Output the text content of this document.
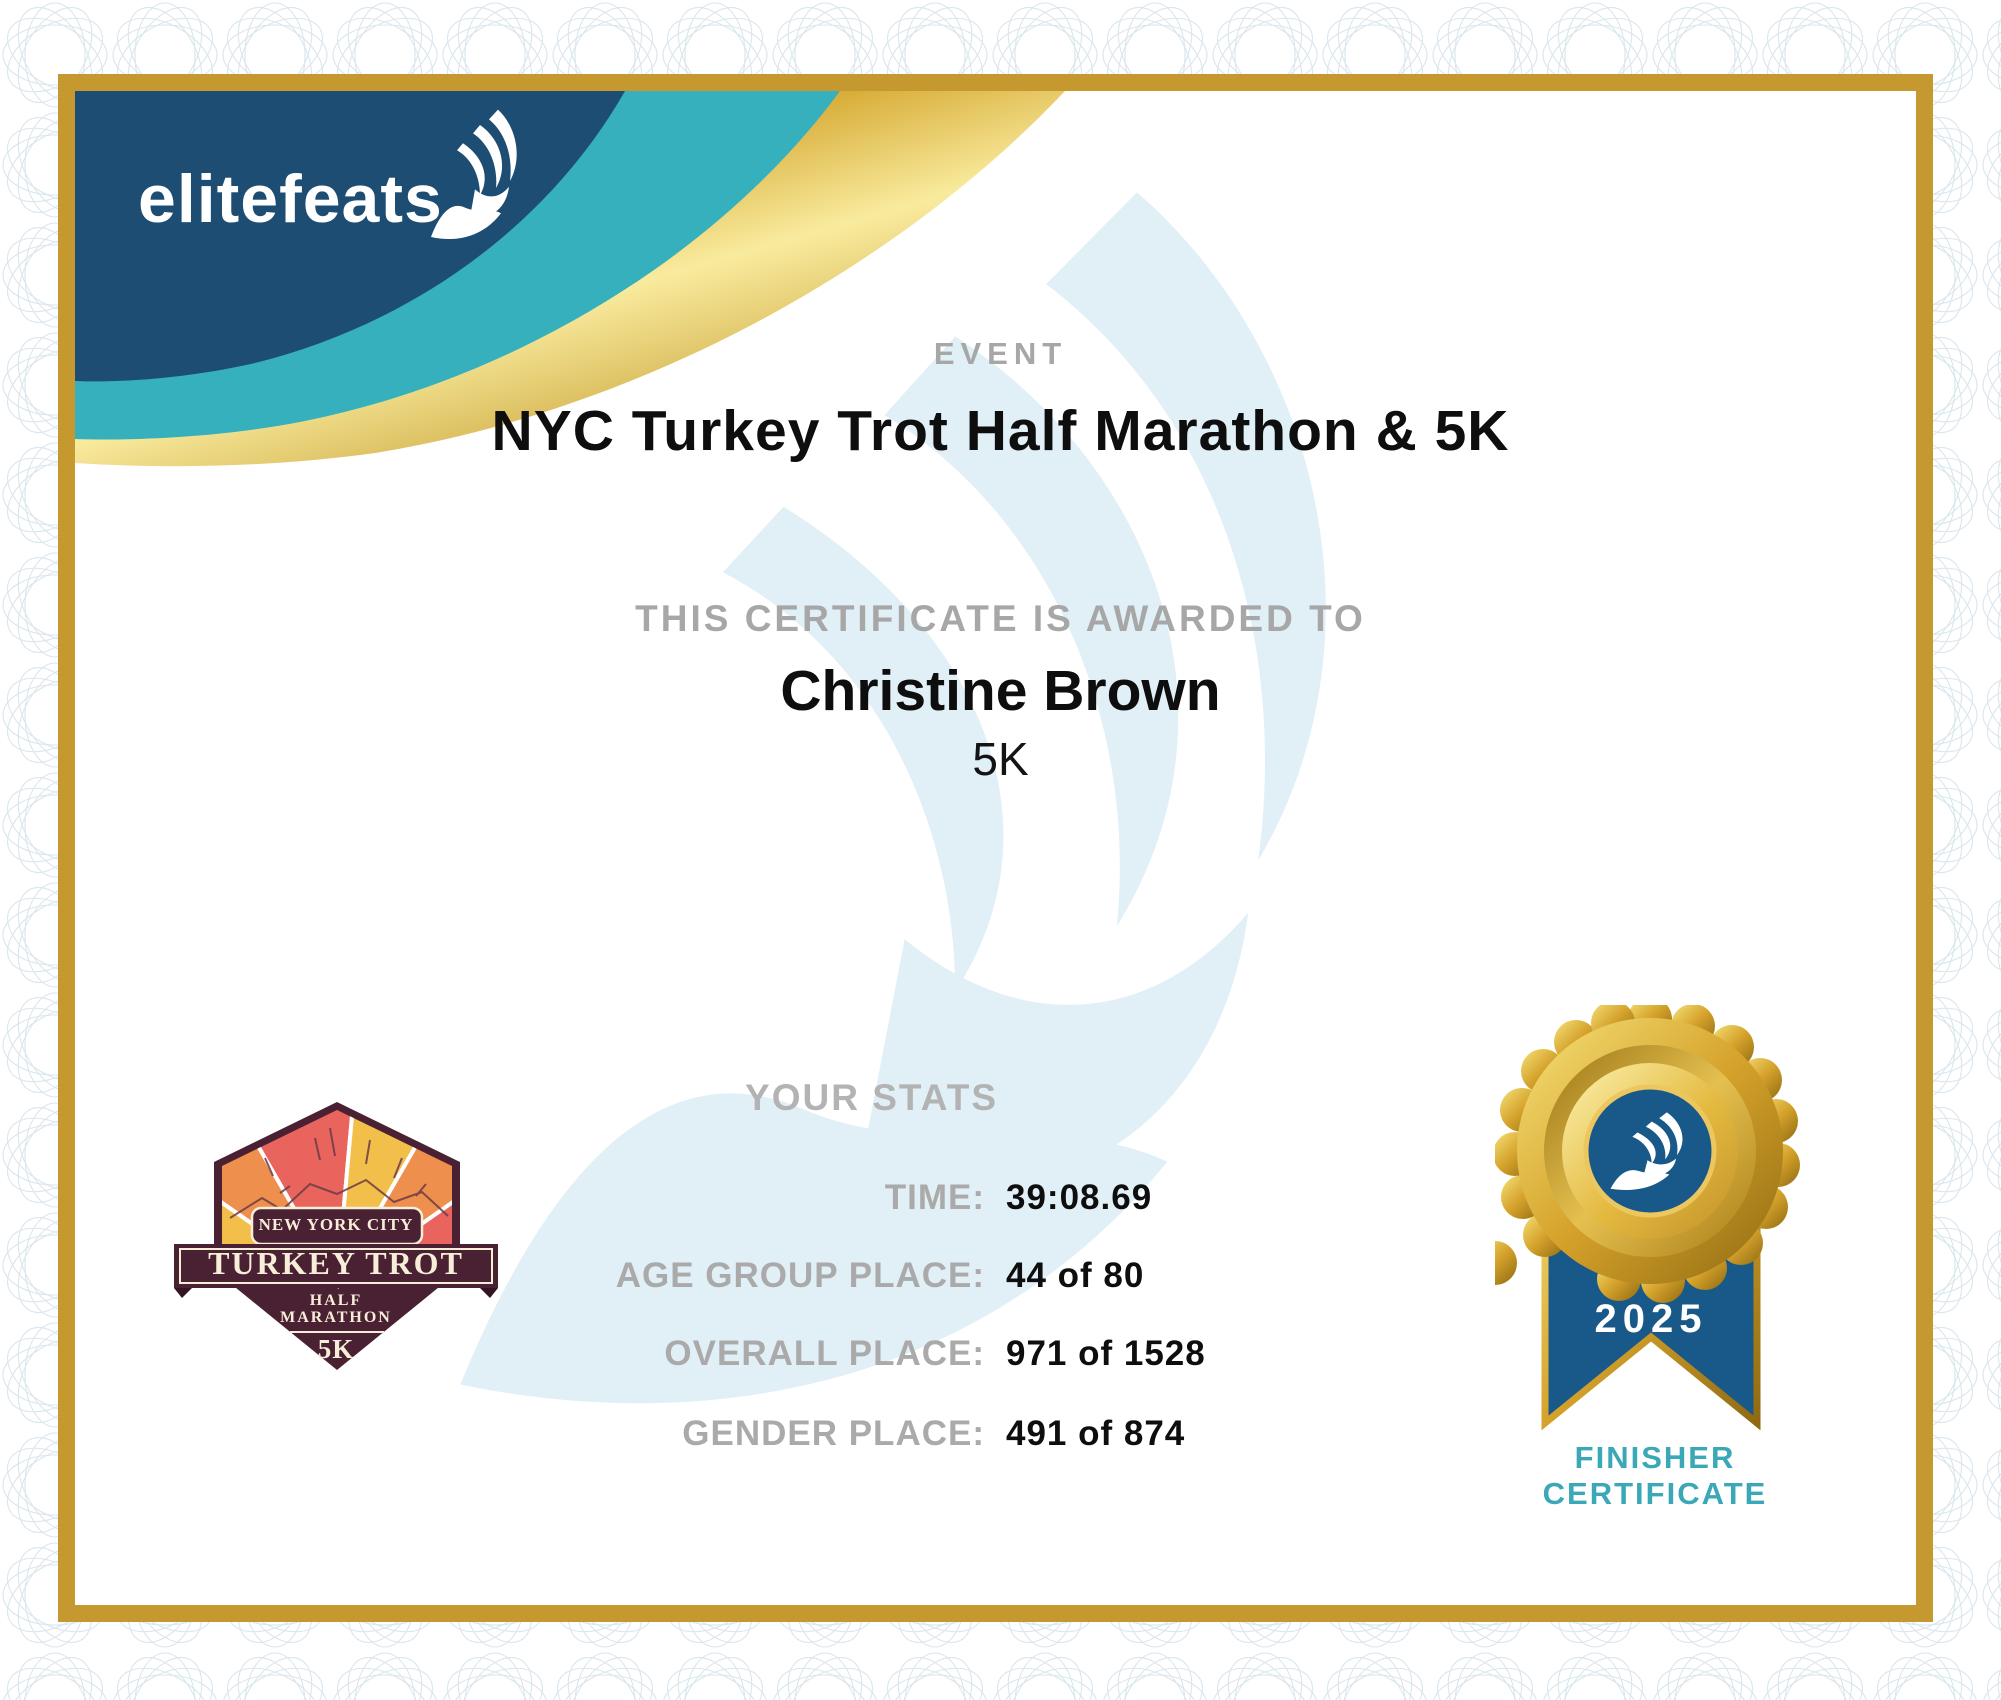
elitefeats
EVENT
NYC Turkey Trot Half Marathon & 5K
THIS CERTIFICATE IS AWARDED TO
Christine Brown
5K
YOUR STATS
TIME: 39:08.69
AGE GROUP PLACE: 44 of 80
OVERALL PLACE: 971 of 1528
GENDER PLACE: 491 of 874
NEW YORK CITY
TURKEY TROT
HALF
MARATHON
5K
2025
FINISHER
CERTIFICATE
